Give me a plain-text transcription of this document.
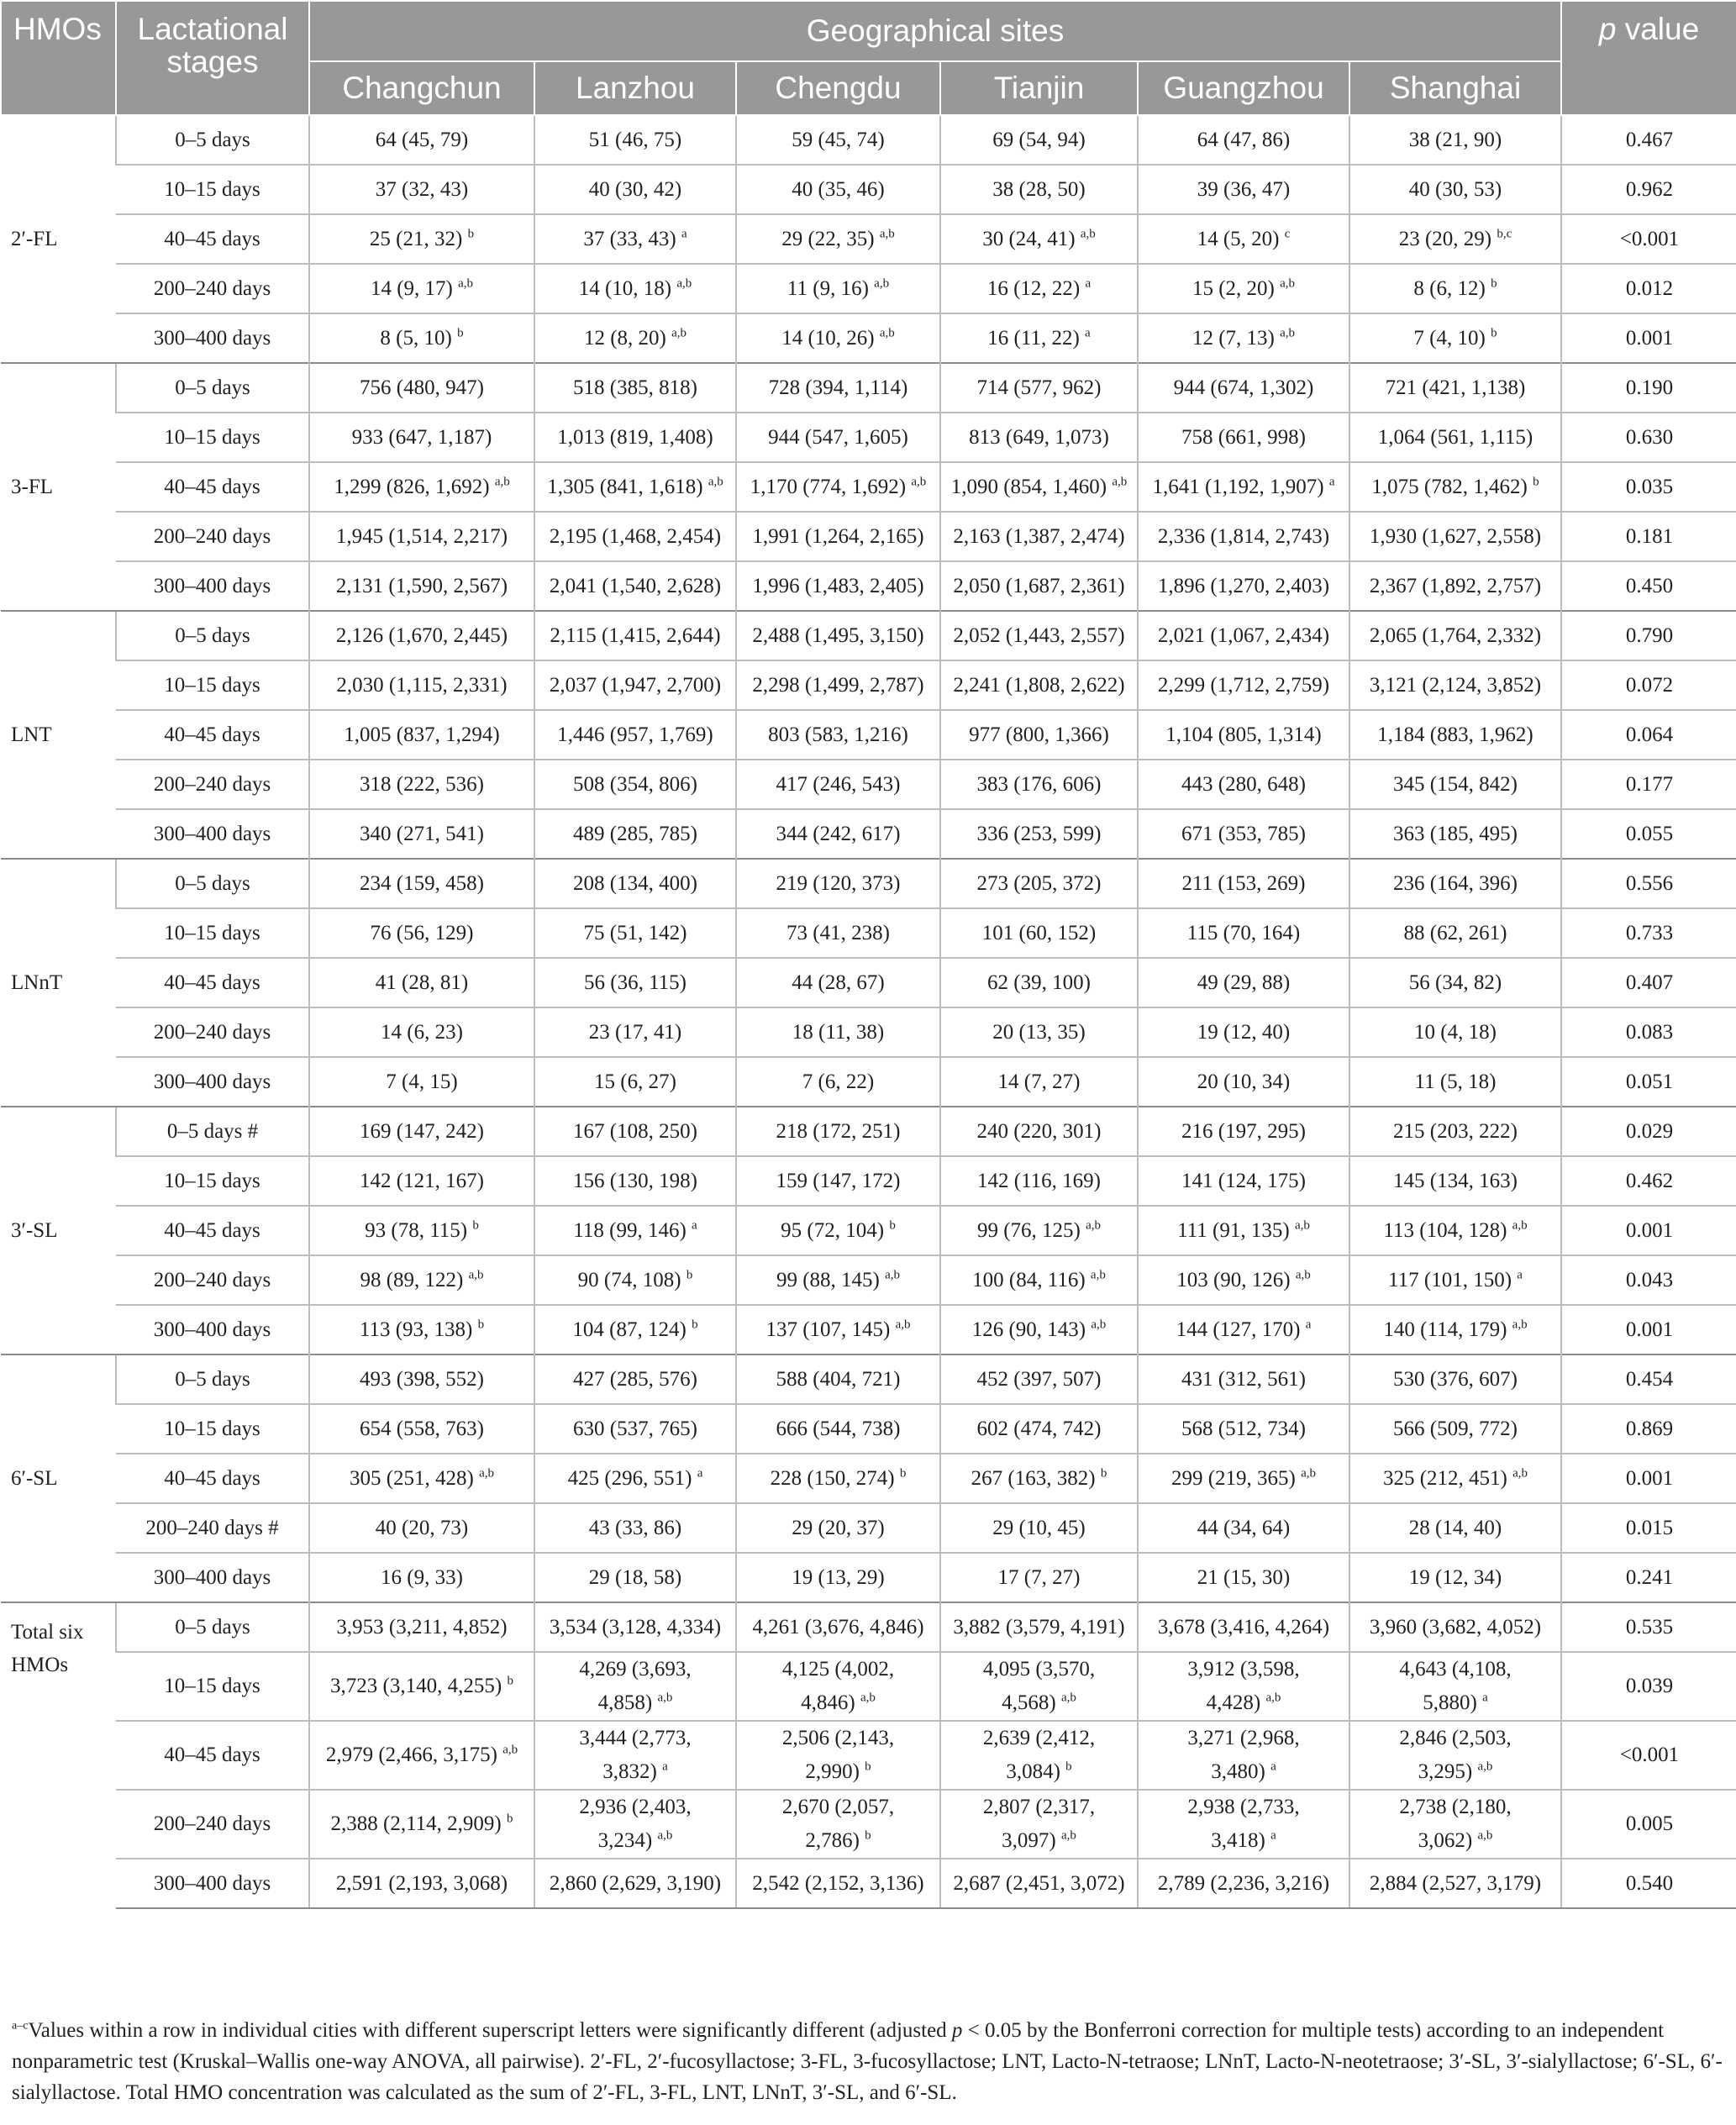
HMOs	Lactational stages	Geographical sites						p value
		Changchun	Lanzhou	Chengdu	Tianjin	Guangzhou	Shanghai	
2′-FL	0–5 days	64 (45, 79)	51 (46, 75)	59 (45, 74)	69 (54, 94)	64 (47, 86)	38 (21, 90)	0.467
	10–15 days	37 (32, 43)	40 (30, 42)	40 (35, 46)	38 (28, 50)	39 (36, 47)	40 (30, 53)	0.962
	40–45 days	25 (21, 32) $^b$	37 (33, 43) $^a$	29 (22, 35) $^{a,b}$	30 (24, 41) $^{a,b}$	14 (5, 20) $^c$	23 (20, 29) $^{b,c}$	<0.001
	200–240 days	14 (9, 17) $^{a,b}$	14 (10, 18) $^{a,b}$	11 (9, 16) $^{a,b}$	16 (12, 22) $^a$	15 (2, 20) $^{a,b}$	8 (6, 12) $^b$	0.012
	300–400 days	8 (5, 10) $^b$	12 (8, 20) $^{a,b}$	14 (10, 26) $^{a,b}$	16 (11, 22) $^a$	12 (7, 13) $^{a,b}$	7 (4, 10) $^b$	0.001
3-FL	0–5 days	756 (480, 947)	518 (385, 818)	728 (394, 1,114)	714 (577, 962)	944 (674, 1,302)	721 (421, 1,138)	0.190
	10–15 days	933 (647, 1,187)	1,013 (819, 1,408)	944 (547, 1,605)	813 (649, 1,073)	758 (661, 998)	1,064 (561, 1,115)	0.630
	40–45 days	1,299 (826, 1,692) $^{a,b}$	1,305 (841, 1,618) $^{a,b}$	1,170 (774, 1,692) $^{a,b}$	1,090 (854, 1,460) $^{a,b}$	1,641 (1,192, 1,907) $^a$	1,075 (782, 1,462) $^b$	0.035
	200–240 days	1,945 (1,514, 2,217)	2,195 (1,468, 2,454)	1,991 (1,264, 2,165)	2,163 (1,387, 2,474)	2,336 (1,814, 2,743)	1,930 (1,627, 2,558)	0.181
	300–400 days	2,131 (1,590, 2,567)	2,041 (1,540, 2,628)	1,996 (1,483, 2,405)	2,050 (1,687, 2,361)	1,896 (1,270, 2,403)	2,367 (1,892, 2,757)	0.450
LNT	0–5 days	2,126 (1,670, 2,445)	2,115 (1,415, 2,644)	2,488 (1,495, 3,150)	2,052 (1,443, 2,557)	2,021 (1,067, 2,434)	2,065 (1,764, 2,332)	0.790
	10–15 days	2,030 (1,115, 2,331)	2,037 (1,947, 2,700)	2,298 (1,499, 2,787)	2,241 (1,808, 2,622)	2,299 (1,712, 2,759)	3,121 (2,124, 3,852)	0.072
	40–45 days	1,005 (837, 1,294)	1,446 (957, 1,769)	803 (583, 1,216)	977 (800, 1,366)	1,104 (805, 1,314)	1,184 (883, 1,962)	0.064
	200–240 days	318 (222, 536)	508 (354, 806)	417 (246, 543)	383 (176, 606)	443 (280, 648)	345 (154, 842)	0.177
	300–400 days	340 (271, 541)	489 (285, 785)	344 (242, 617)	336 (253, 599)	671 (353, 785)	363 (185, 495)	0.055
LNnT	0–5 days	234 (159, 458)	208 (134, 400)	219 (120, 373)	273 (205, 372)	211 (153, 269)	236 (164, 396)	0.556
	10–15 days	76 (56, 129)	75 (51, 142)	73 (41, 238)	101 (60, 152)	115 (70, 164)	88 (62, 261)	0.733
	40–45 days	41 (28, 81)	56 (36, 115)	44 (28, 67)	62 (39, 100)	49 (29, 88)	56 (34, 82)	0.407
	200–240 days	14 (6, 23)	23 (17, 41)	18 (11, 38)	20 (13, 35)	19 (12, 40)	10 (4, 18)	0.083
	300–400 days	7 (4, 15)	15 (6, 27)	7 (6, 22)	14 (7, 27)	20 (10, 34)	11 (5, 18)	0.051
3′-SL	0–5 days #	169 (147, 242)	167 (108, 250)	218 (172, 251)	240 (220, 301)	216 (197, 295)	215 (203, 222)	0.029
	10–15 days	142 (121, 167)	156 (130, 198)	159 (147, 172)	142 (116, 169)	141 (124, 175)	145 (134, 163)	0.462
	40–45 days	93 (78, 115) $^b$	118 (99, 146) $^a$	95 (72, 104) $^b$	99 (76, 125) $^{a,b}$	111 (91, 135) $^{a,b}$	113 (104, 128) $^{a,b}$	0.001
	200–240 days	98 (89, 122) $^{a,b}$	90 (74, 108) $^b$	99 (88, 145) $^{a,b}$	100 (84, 116) $^{a,b}$	103 (90, 126) $^{a,b}$	117 (101, 150) $^a$	0.043
	300–400 days	113 (93, 138) $^b$	104 (87, 124) $^b$	137 (107, 145) $^{a,b}$	126 (90, 143) $^{a,b}$	144 (127, 170) $^a$	140 (114, 179) $^{a,b}$	0.001
6′-SL	0–5 days	493 (398, 552)	427 (285, 576)	588 (404, 721)	452 (397, 507)	431 (312, 561)	530 (376, 607)	0.454
	10–15 days	654 (558, 763)	630 (537, 765)	666 (544, 738)	602 (474, 742)	568 (512, 734)	566 (509, 772)	0.869
	40–45 days	305 (251, 428) $^{a,b}$	425 (296, 551) $^a$	228 (150, 274) $^b$	267 (163, 382) $^b$	299 (219, 365) $^{a,b}$	325 (212, 451) $^{a,b}$	0.001
	200–240 days #	40 (20, 73)	43 (33, 86)	29 (20, 37)	29 (10, 45)	44 (34, 64)	28 (14, 40)	0.015
	300–400 days	16 (9, 33)	29 (18, 58)	19 (13, 29)	17 (7, 27)	21 (15, 30)	19 (12, 34)	0.241
Total six HMOs	0–5 days	3,953 (3,211, 4,852)	3,534 (3,128, 4,334)	4,261 (3,676, 4,846)	3,882 (3,579, 4,191)	3,678 (3,416, 4,264)	3,960 (3,682, 4,052)	0.535
	10–15 days	3,723 (3,140, 4,255) $^b$	4,269 (3,693, 4,858) $^{a,b}$	4,125 (4,002, 4,846) $^{a,b}$	4,095 (3,570, 4,568) $^{a,b}$	3,912 (3,598, 4,428) $^{a,b}$	4,643 (4,108, 5,880) $^a$	0.039
	40–45 days	2,979 (2,466, 3,175) $^{a,b}$	3,444 (2,773, 3,832) $^a$	2,506 (2,143, 2,990) $^b$	2,639 (2,412, 3,084) $^b$	3,271 (2,968, 3,480) $^a$	2,846 (2,503, 3,295) $^{a,b}$	<0.001
	200–240 days	2,388 (2,114, 2,909) $^b$	2,936 (2,403, 3,234) $^{a,b}$	2,670 (2,057, 2,786) $^b$	2,807 (2,317, 3,097) $^{a,b}$	2,938 (2,733, 3,418) $^a$	2,738 (2,180, 3,062) $^{a,b}$	0.005
	300–400 days	2,591 (2,193, 3,068)	2,860 (2,629, 3,190)	2,542 (2,152, 3,136)	2,687 (2,451, 3,072)	2,789 (2,236, 3,216)	2,884 (2,527, 3,179)	0.540
$^{a-c}$Values within a row in individual cities with different superscript letters were significantly different (adjusted p < 0.05 by the Bonferroni correction for multiple tests) according to an independent nonparametric test (Kruskal–Wallis one-way ANOVA, all pairwise). 2′-FL, 2′-fucosyllactose; 3-FL, 3-fucosyllactose; LNT, Lacto-N-tetraose; LNnT, Lacto-N-neotetraose; 3′-SL, 3′-sialyllactose; 6′-SL, 6′-sialyllactose. Total HMO concentration was calculated as the sum of 2′-FL, 3-FL, LNT, LNnT, 3′-SL, and 6′-SL.
